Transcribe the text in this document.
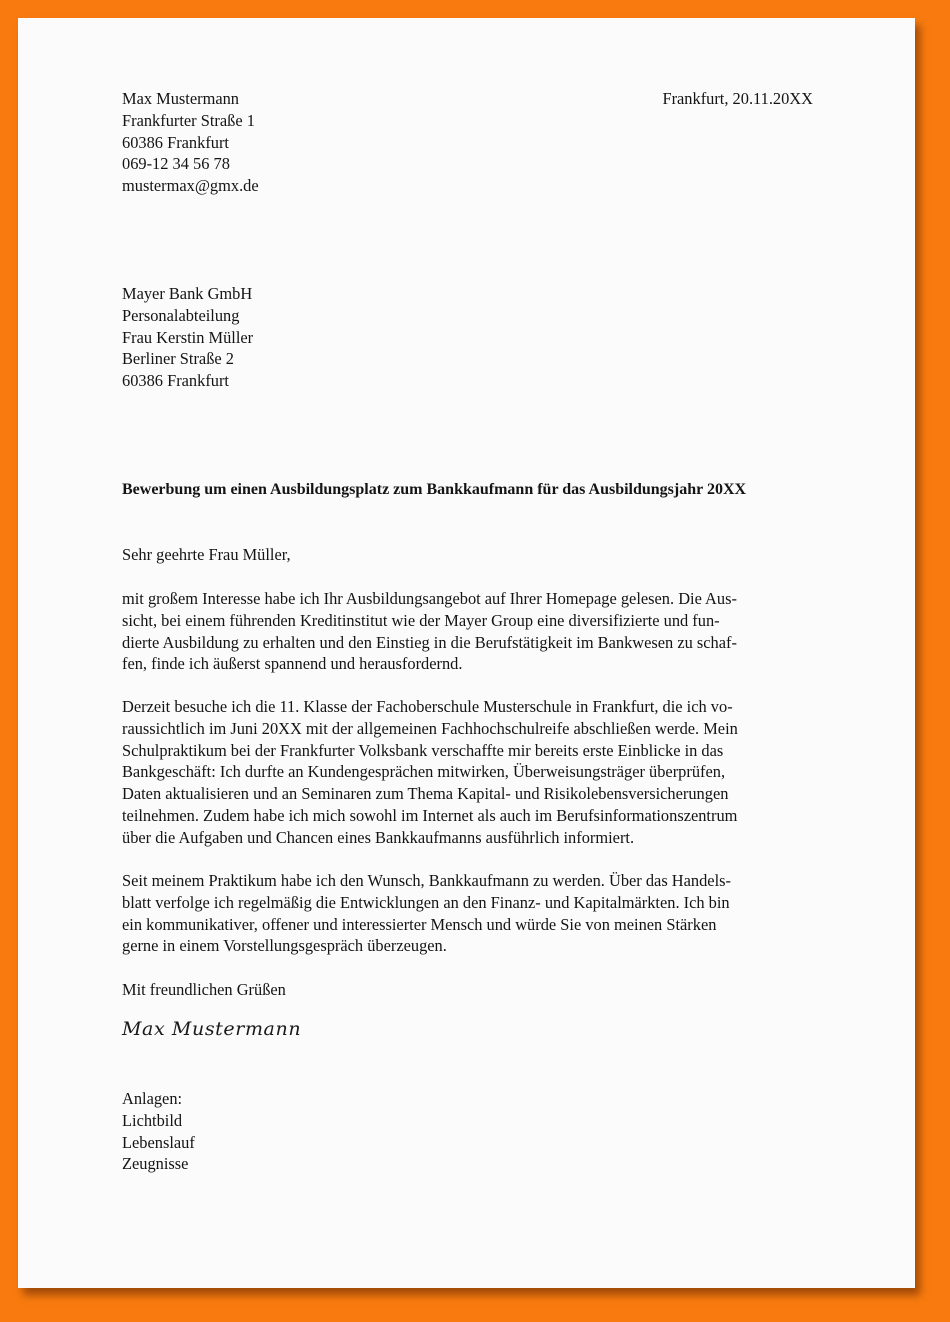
Max Mustermann
Frankfurter Straße 1
60386 Frankfurt
069-12 34 56 78
mustermax@gmx.de
Frankfurt, 20.11.20XX
Mayer Bank GmbH
Personalabteilung
Frau Kerstin Müller
Berliner Straße 2
60386 Frankfurt
Bewerbung um einen Ausbildungsplatz zum Bankkaufmann für das Ausbildungsjahr 20XX
Sehr geehrte Frau Müller,
mit großem Interesse habe ich Ihr Ausbildungsangebot auf Ihrer Homepage gelesen. Die Aus-
sicht, bei einem führenden Kreditinstitut wie der Mayer Group eine diversifizierte und fun-
dierte Ausbildung zu erhalten und den Einstieg in die Berufstätigkeit im Bankwesen zu schaf-
fen, finde ich äußerst spannend und herausfordernd.
Derzeit besuche ich die 11. Klasse der Fachoberschule Musterschule in Frankfurt, die ich vo-
raussichtlich im Juni 20XX mit der allgemeinen Fachhochschulreife abschließen werde. Mein
Schulpraktikum bei der Frankfurter Volksbank verschaffte mir bereits erste Einblicke in das
Bankgeschäft: Ich durfte an Kundengesprächen mitwirken, Überweisungsträger überprüfen,
Daten aktualisieren und an Seminaren zum Thema Kapital- und Risikolebensversicherungen
teilnehmen. Zudem habe ich mich sowohl im Internet als auch im Berufsinformationszentrum
über die Aufgaben und Chancen eines Bankkaufmanns ausführlich informiert.
Seit meinem Praktikum habe ich den Wunsch, Bankkaufmann zu werden. Über das Handels-
blatt verfolge ich regelmäßig die Entwicklungen an den Finanz- und Kapitalmärkten. Ich bin
ein kommunikativer, offener und interessierter Mensch und würde Sie von meinen Stärken
gerne in einem Vorstellungsgespräch überzeugen.
Mit freundlichen Grüßen
Max Mustermann
Anlagen:
Lichtbild
Lebenslauf
Zeugnisse
